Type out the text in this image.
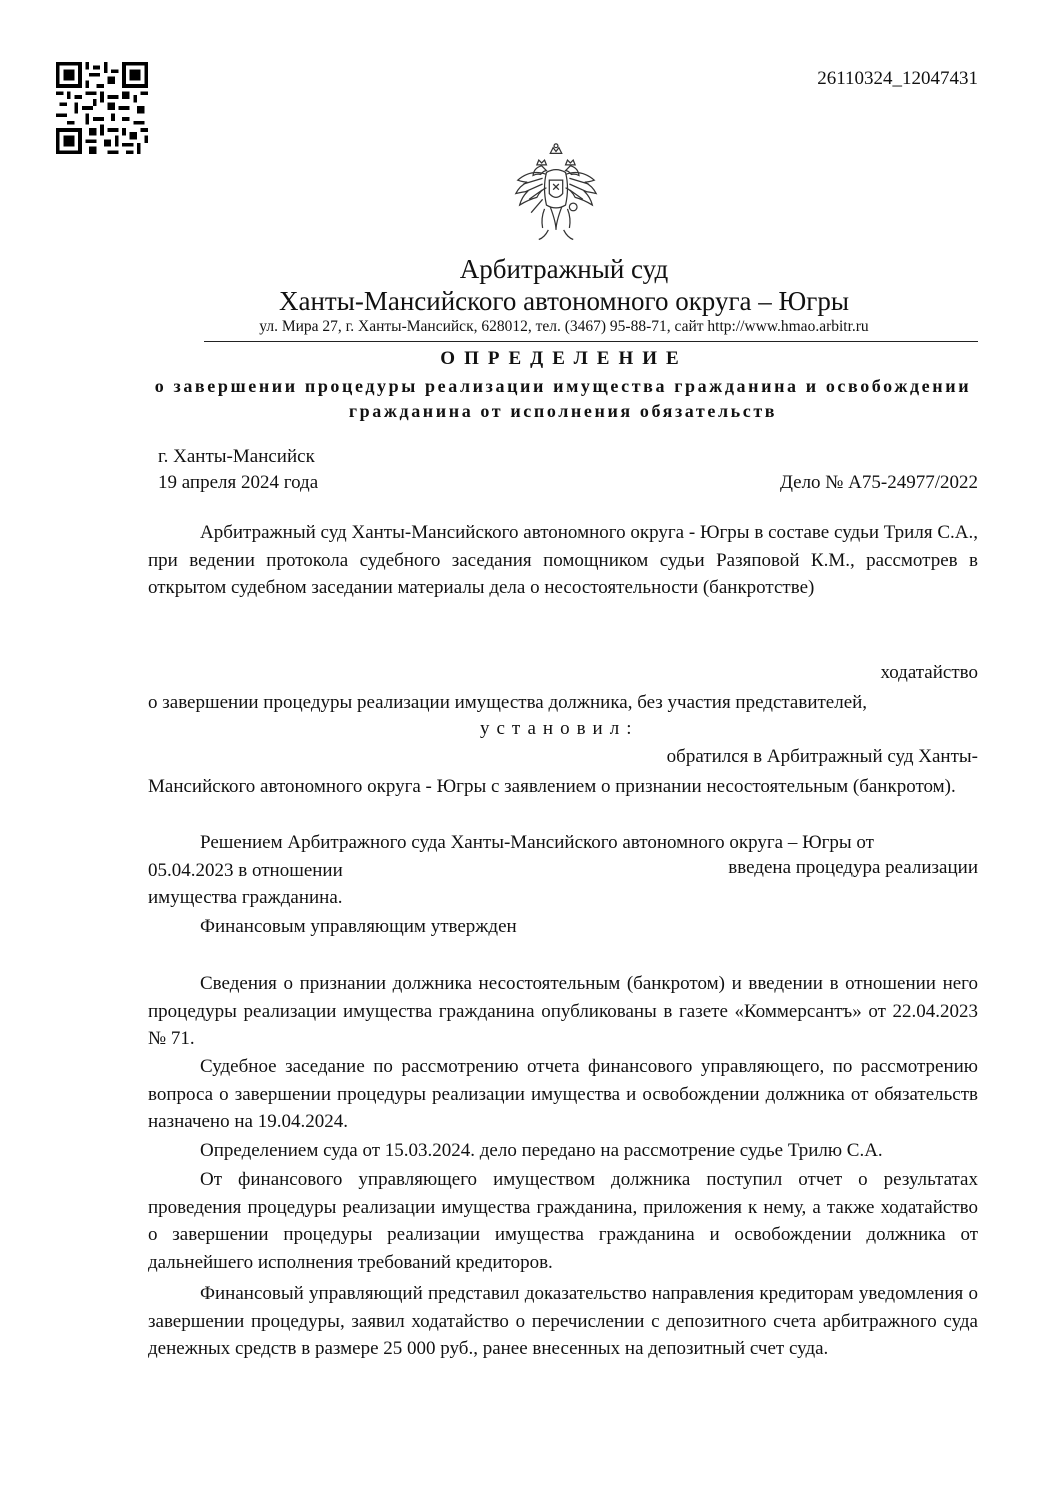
26110324_12047431
Арбитражный суд
Ханты-Мансийского автономного округа – Югры
ул. Мира 27, г. Ханты-Мансийск, 628012, тел. (3467) 95-88-71, сайт http://www.hmao.arbitr.ru
ОПРЕДЕЛЕНИЕ
о завершении процедуры реализации имущества гражданина и освобождении гражданина от исполнения обязательств
г. Ханты-Мансийск
19 апреля 2024 года	Дело № А75-24977/2022
Арбитражный суд Ханты-Мансийского автономного округа - Югры в составе судьи Триля С.А., при ведении протокола судебного заседания помощником судьи Разяповой К.М., рассмотрев в открытом судебном заседании материалы дела о несостоятельности (банкротстве)
ходатайство
о завершении процедуры реализации имущества должника, без участия представителей,
установил:
обратился в Арбитражный суд Ханты-
Мансийского автономного округа - Югры с заявлением о признании несостоятельным (банкротом).
Решением Арбитражного суда Ханты-Мансийского автономного округа – Югры от
05.04.2023 в отношении	введена процедура реализации
имущества гражданина.
Финансовым управляющим утвержден
Сведения о признании должника несостоятельным (банкротом) и введении в отношении него процедуры реализации имущества гражданина опубликованы в газете «Коммерсантъ» от 22.04.2023 № 71.
Судебное заседание по рассмотрению отчета финансового управляющего, по рассмотрению вопроса о завершении процедуры реализации имущества и освобождении должника от обязательств назначено на 19.04.2024.
Определением суда от 15.03.2024. дело передано на рассмотрение судье Трилю С.А.
От финансового управляющего имуществом должника поступил отчет о результатах проведения процедуры реализации имущества гражданина, приложения к нему, а также ходатайство о завершении процедуры реализации имущества гражданина и освобождении должника от дальнейшего исполнения требований кредиторов.
Финансовый управляющий представил доказательство направления кредиторам уведомления о завершении процедуры, заявил ходатайство о перечислении с депозитного счета арбитражного суда денежных средств в размере 25 000 руб., ранее внесенных на депозитный счет суда.
